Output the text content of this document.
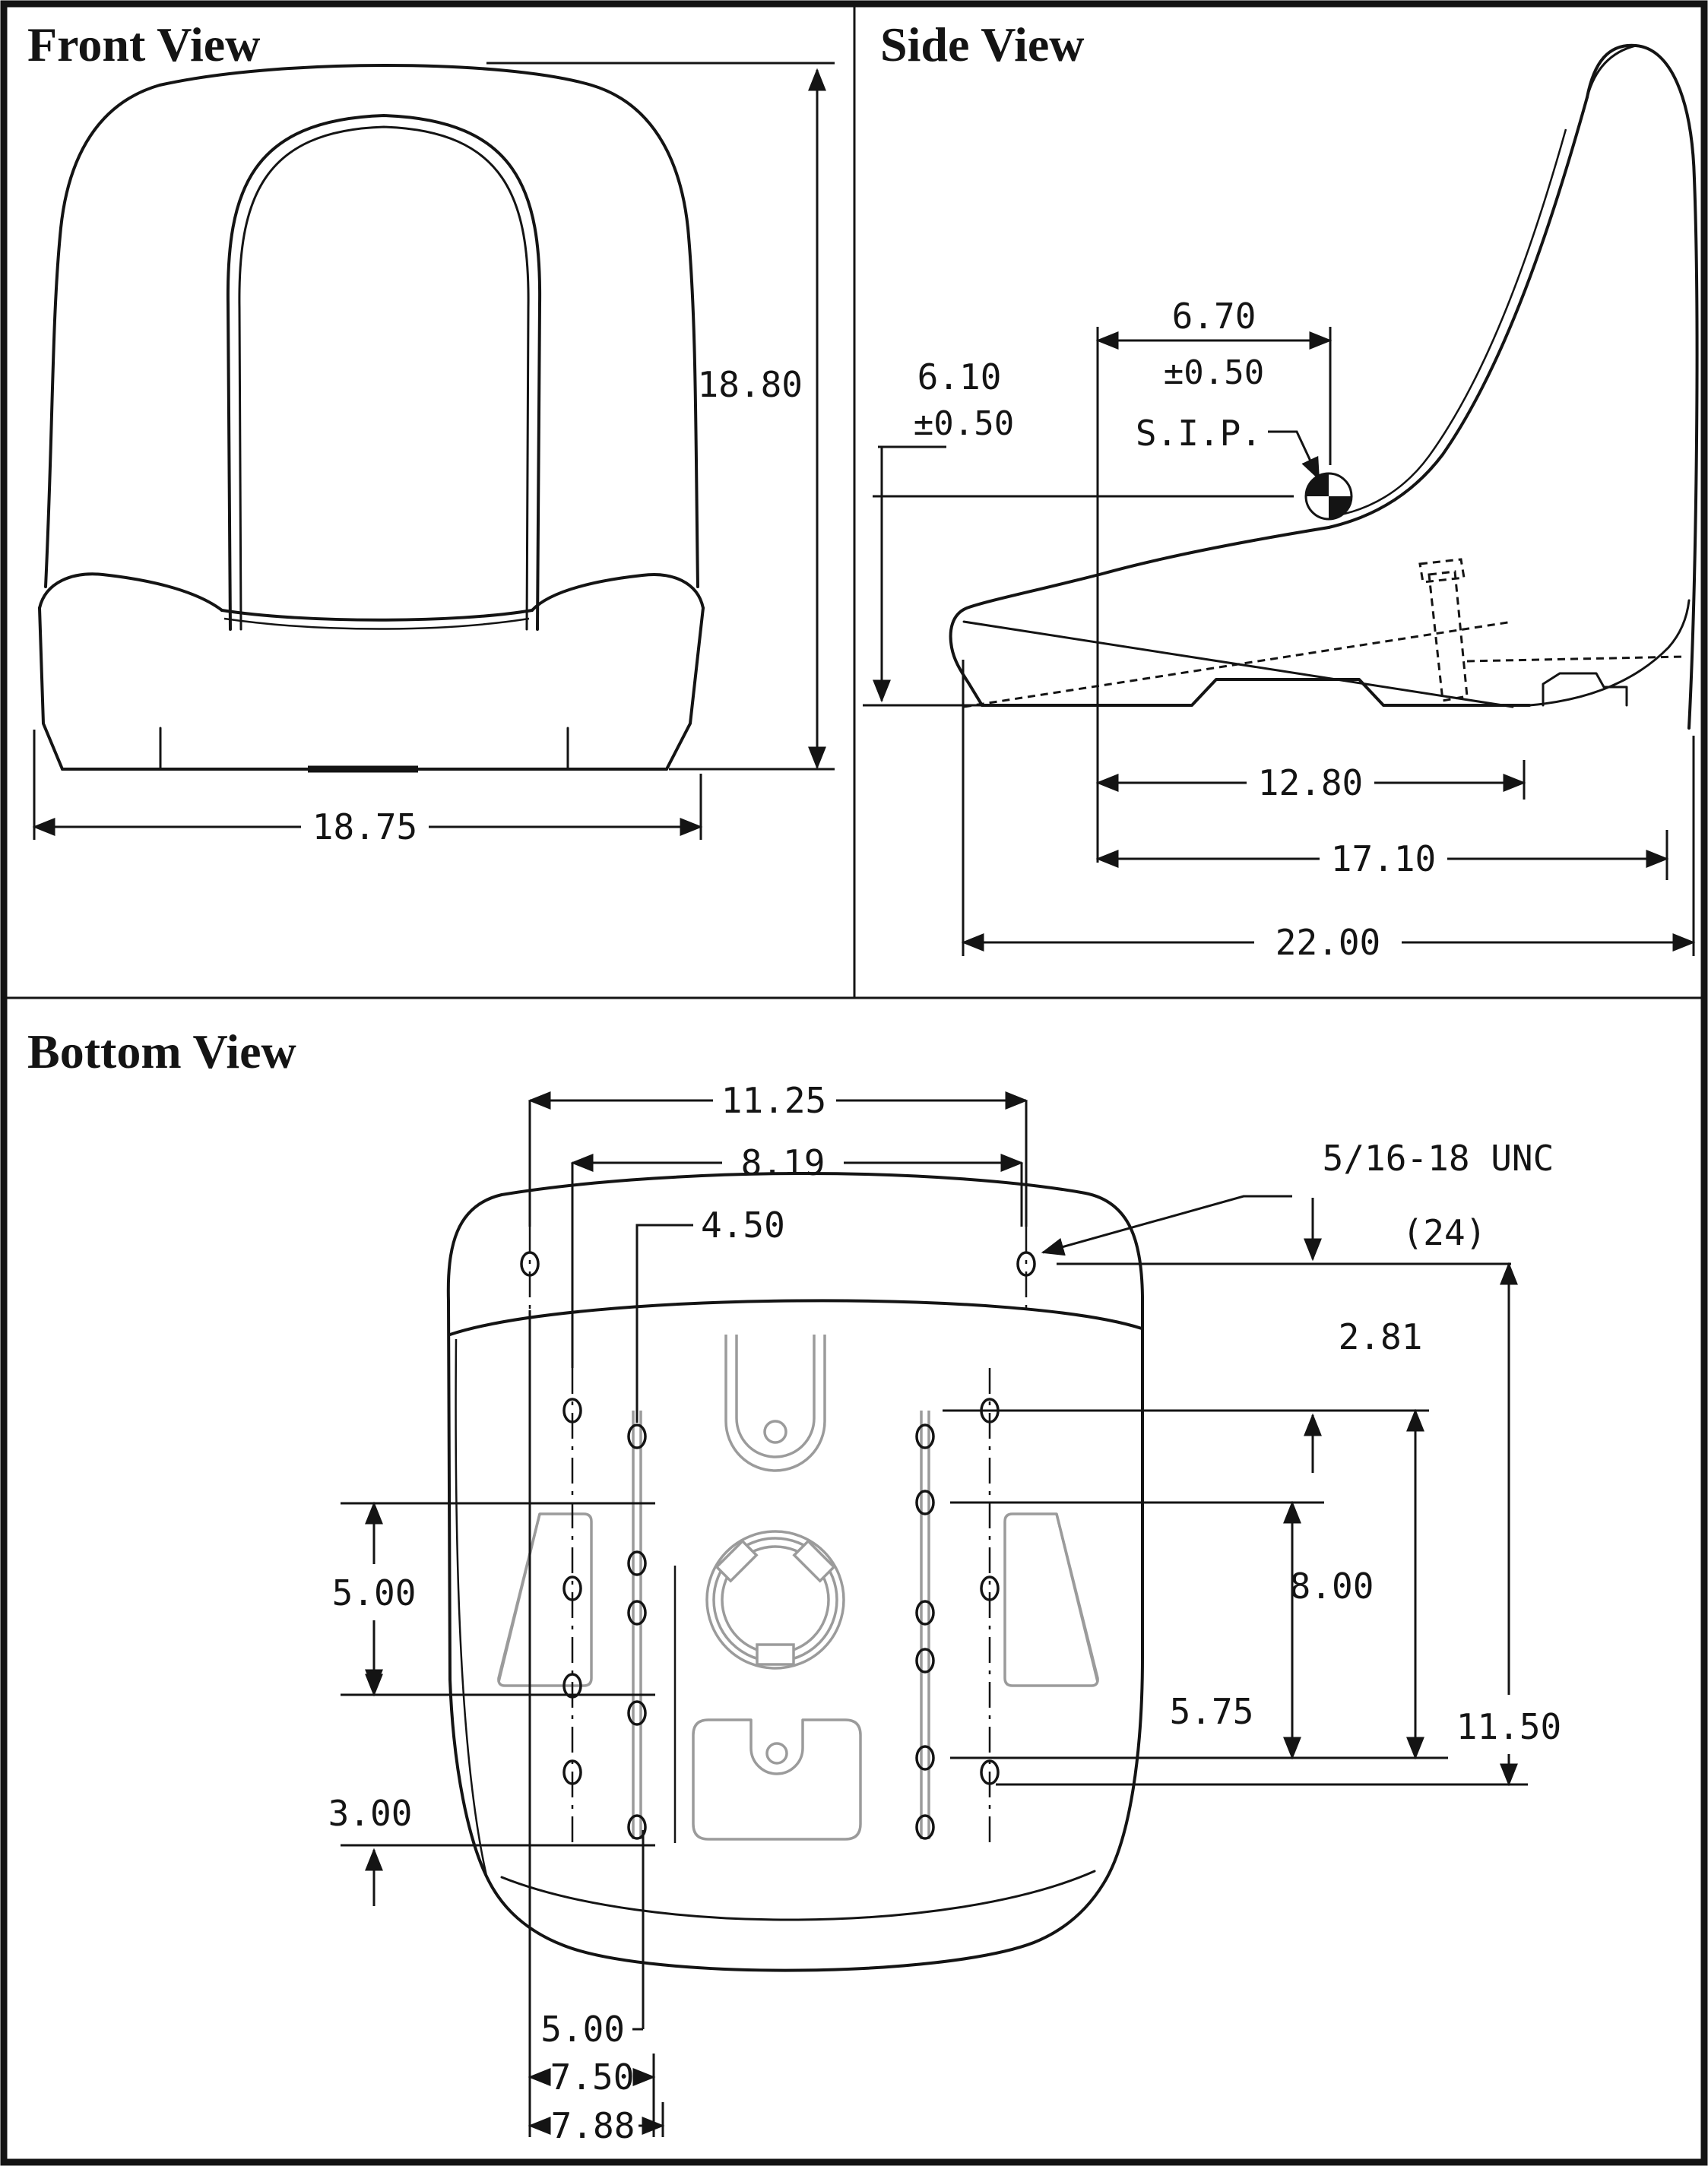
Front View
18.80
18.75
Side View
S.I.P.
6.70
±0.50
6.10
±0.50
12.80
17.10
22.00
Bottom View
11.25
8.19
4.50
5/16-18 UNC
(24)
2.81
8.00
5.75	11.50
5.00
3.00
5.00
7.50
7.88
